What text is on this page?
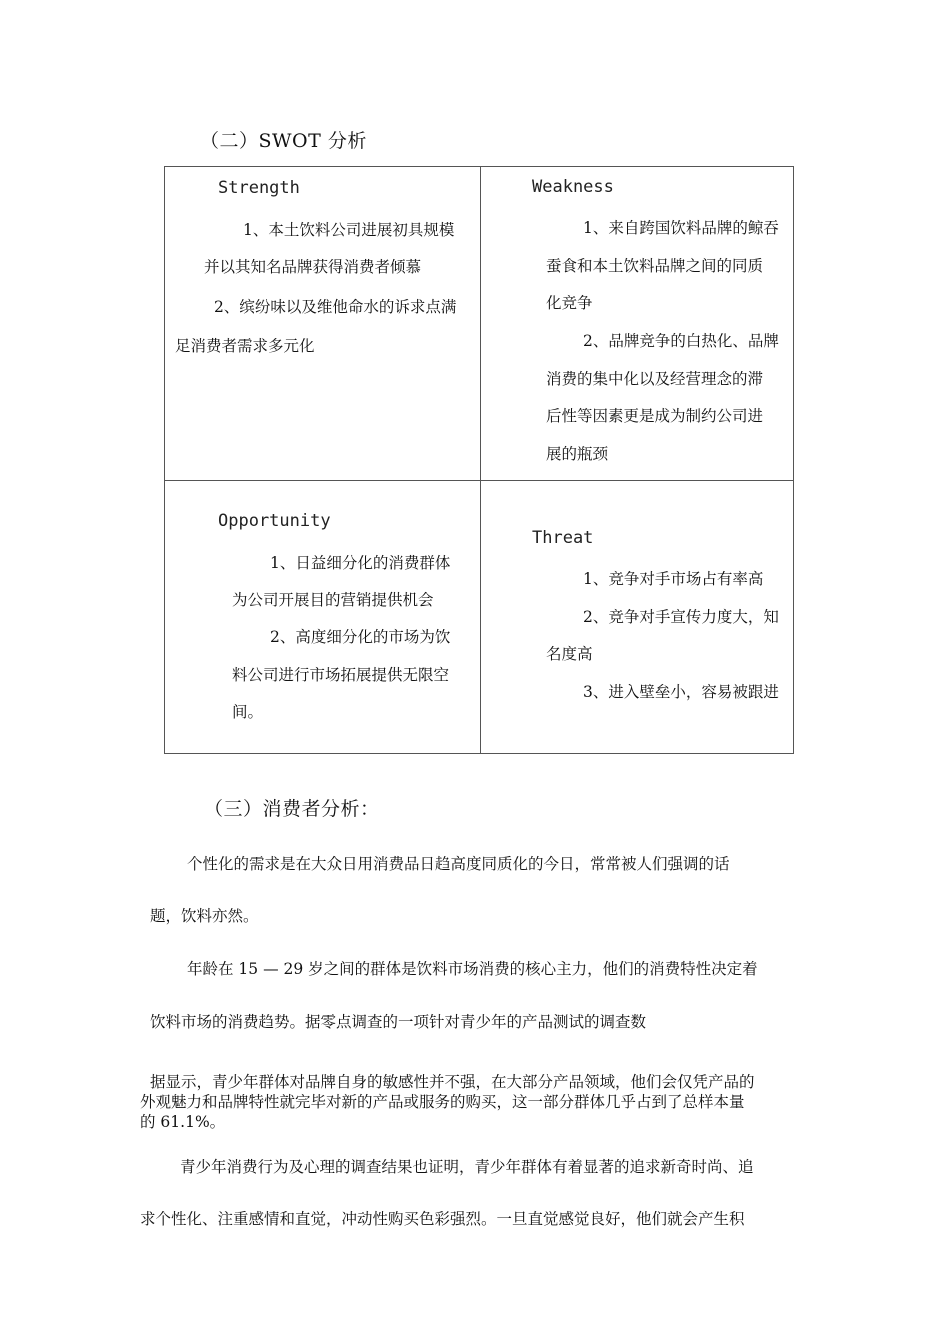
（二）SWOT 分析
Strength
1、本土饮料公司进展初具规模
并以其知名品牌获得消费者倾慕
2、缤纷味以及维他命水的诉求点满
足消费者需求多元化
Weakness
1、来自跨国饮料品牌的鲸吞
蚕食和本土饮料品牌之间的同质
化竞争
2、品牌竞争的白热化、品牌
消费的集中化以及经营理念的滞
后性等因素更是成为制约公司进
展的瓶颈
Opportunity
1、日益细分化的消费群体
为公司开展目的营销提供机会
2、高度细分化的市场为饮
料公司进行市场拓展提供无限空
间。
Threat
1、竞争对手市场占有率高
2、竞争对手宣传力度大，知
名度高
3、进入壁垒小，容易被跟进
（三）消费者分析：
个性化的需求是在大众日用消费品日趋高度同质化的今日，常常被人们强调的话
题，饮料亦然。
年龄在 15 — 29 岁之间的群体是饮料市场消费的核心主力，他们的消费特性决定着
饮料市场的消费趋势。据零点调查的一项针对青少年的产品测试的调查数
据显示，青少年群体对品牌自身的敏感性并不强，在大部分产品领域，他们会仅凭产品的
外观魅力和品牌特性就完毕对新的产品或服务的购买，这一部分群体几乎占到了总样本量
的 61.1%。
青少年消费行为及心理的调查结果也证明，青少年群体有着显著的追求新奇时尚、追
求个性化、注重感情和直觉，冲动性购买色彩强烈。一旦直觉感觉良好，他们就会产生积
